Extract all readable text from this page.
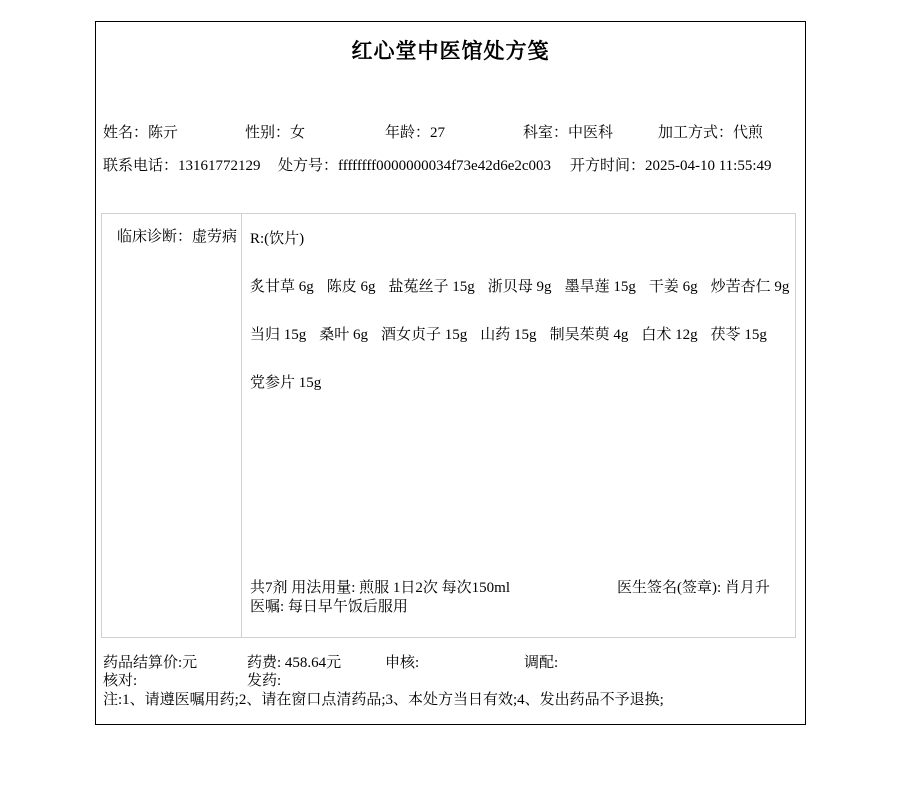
红心堂中医馆处方笺
姓名：陈亓	性别：女	年龄：27	科室：中医科	加工方式：代煎
联系电话：13161772129 处方号：ffffffff0000000034f73e42d6e2c003 开方时间：2025-04-10 11:55:49
临床诊断：虚劳病 R:(饮片)
炙甘草 6g 陈皮 6g 盐菟丝子 15g 浙贝母 9g 墨旱莲 15g 干姜 6g 炒苦杏仁 9g
当归 15g 桑叶 6g 酒女贞子 15g 山药 15g 制吴茱萸 4g 白术 12g 茯苓 15g
党参片 15g
共7剂 用法用量: 煎服 1日2次 每次150ml
医嘱: 每日早午饭后服用
医生签名(签章): 肖月升
药品结算价:元	药费: 458.64元	申核:	调配:
核对:	发药:
注:1、请遵医嘱用药;2、请在窗口点清药品;3、本处方当日有效;4、发出药品不予退换;
